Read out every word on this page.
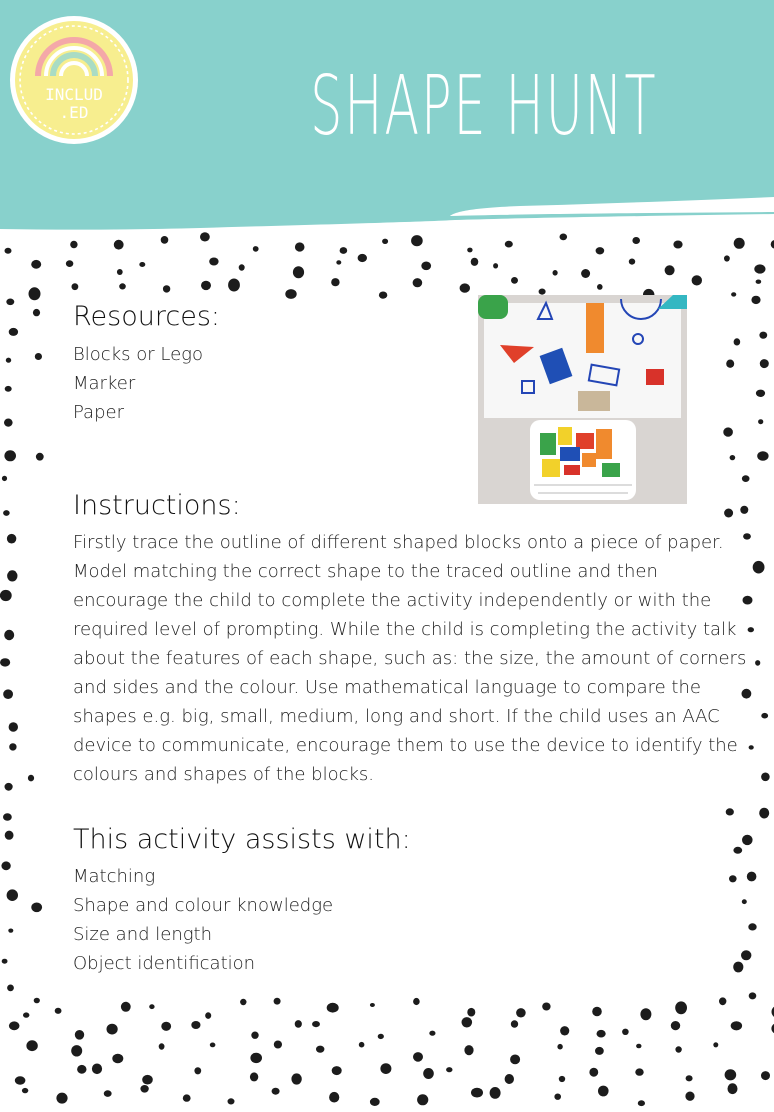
INCLUD
.ED	SHAPE HUNT
Resources:
Blocks or Lego
Marker
Paper
Instructions:
Firstly trace the outline of different shaped blocks onto a piece of paper.
Model matching the correct shape to the traced outline and then
encourage the child to complete the activity independently or with the
required level of prompting. While the child is completing the activity talk
about the features of each shape, such as: the size, the amount of corners
and sides and the colour. Use mathematical language to compare the
shapes e.g. big, small, medium, long and short. If the child uses an AAC
device to communicate, encourage them to use the device to identify the
colours and shapes of the blocks.
This activity assists with:
Matching
Shape and colour knowledge
Size and length
Object identification
